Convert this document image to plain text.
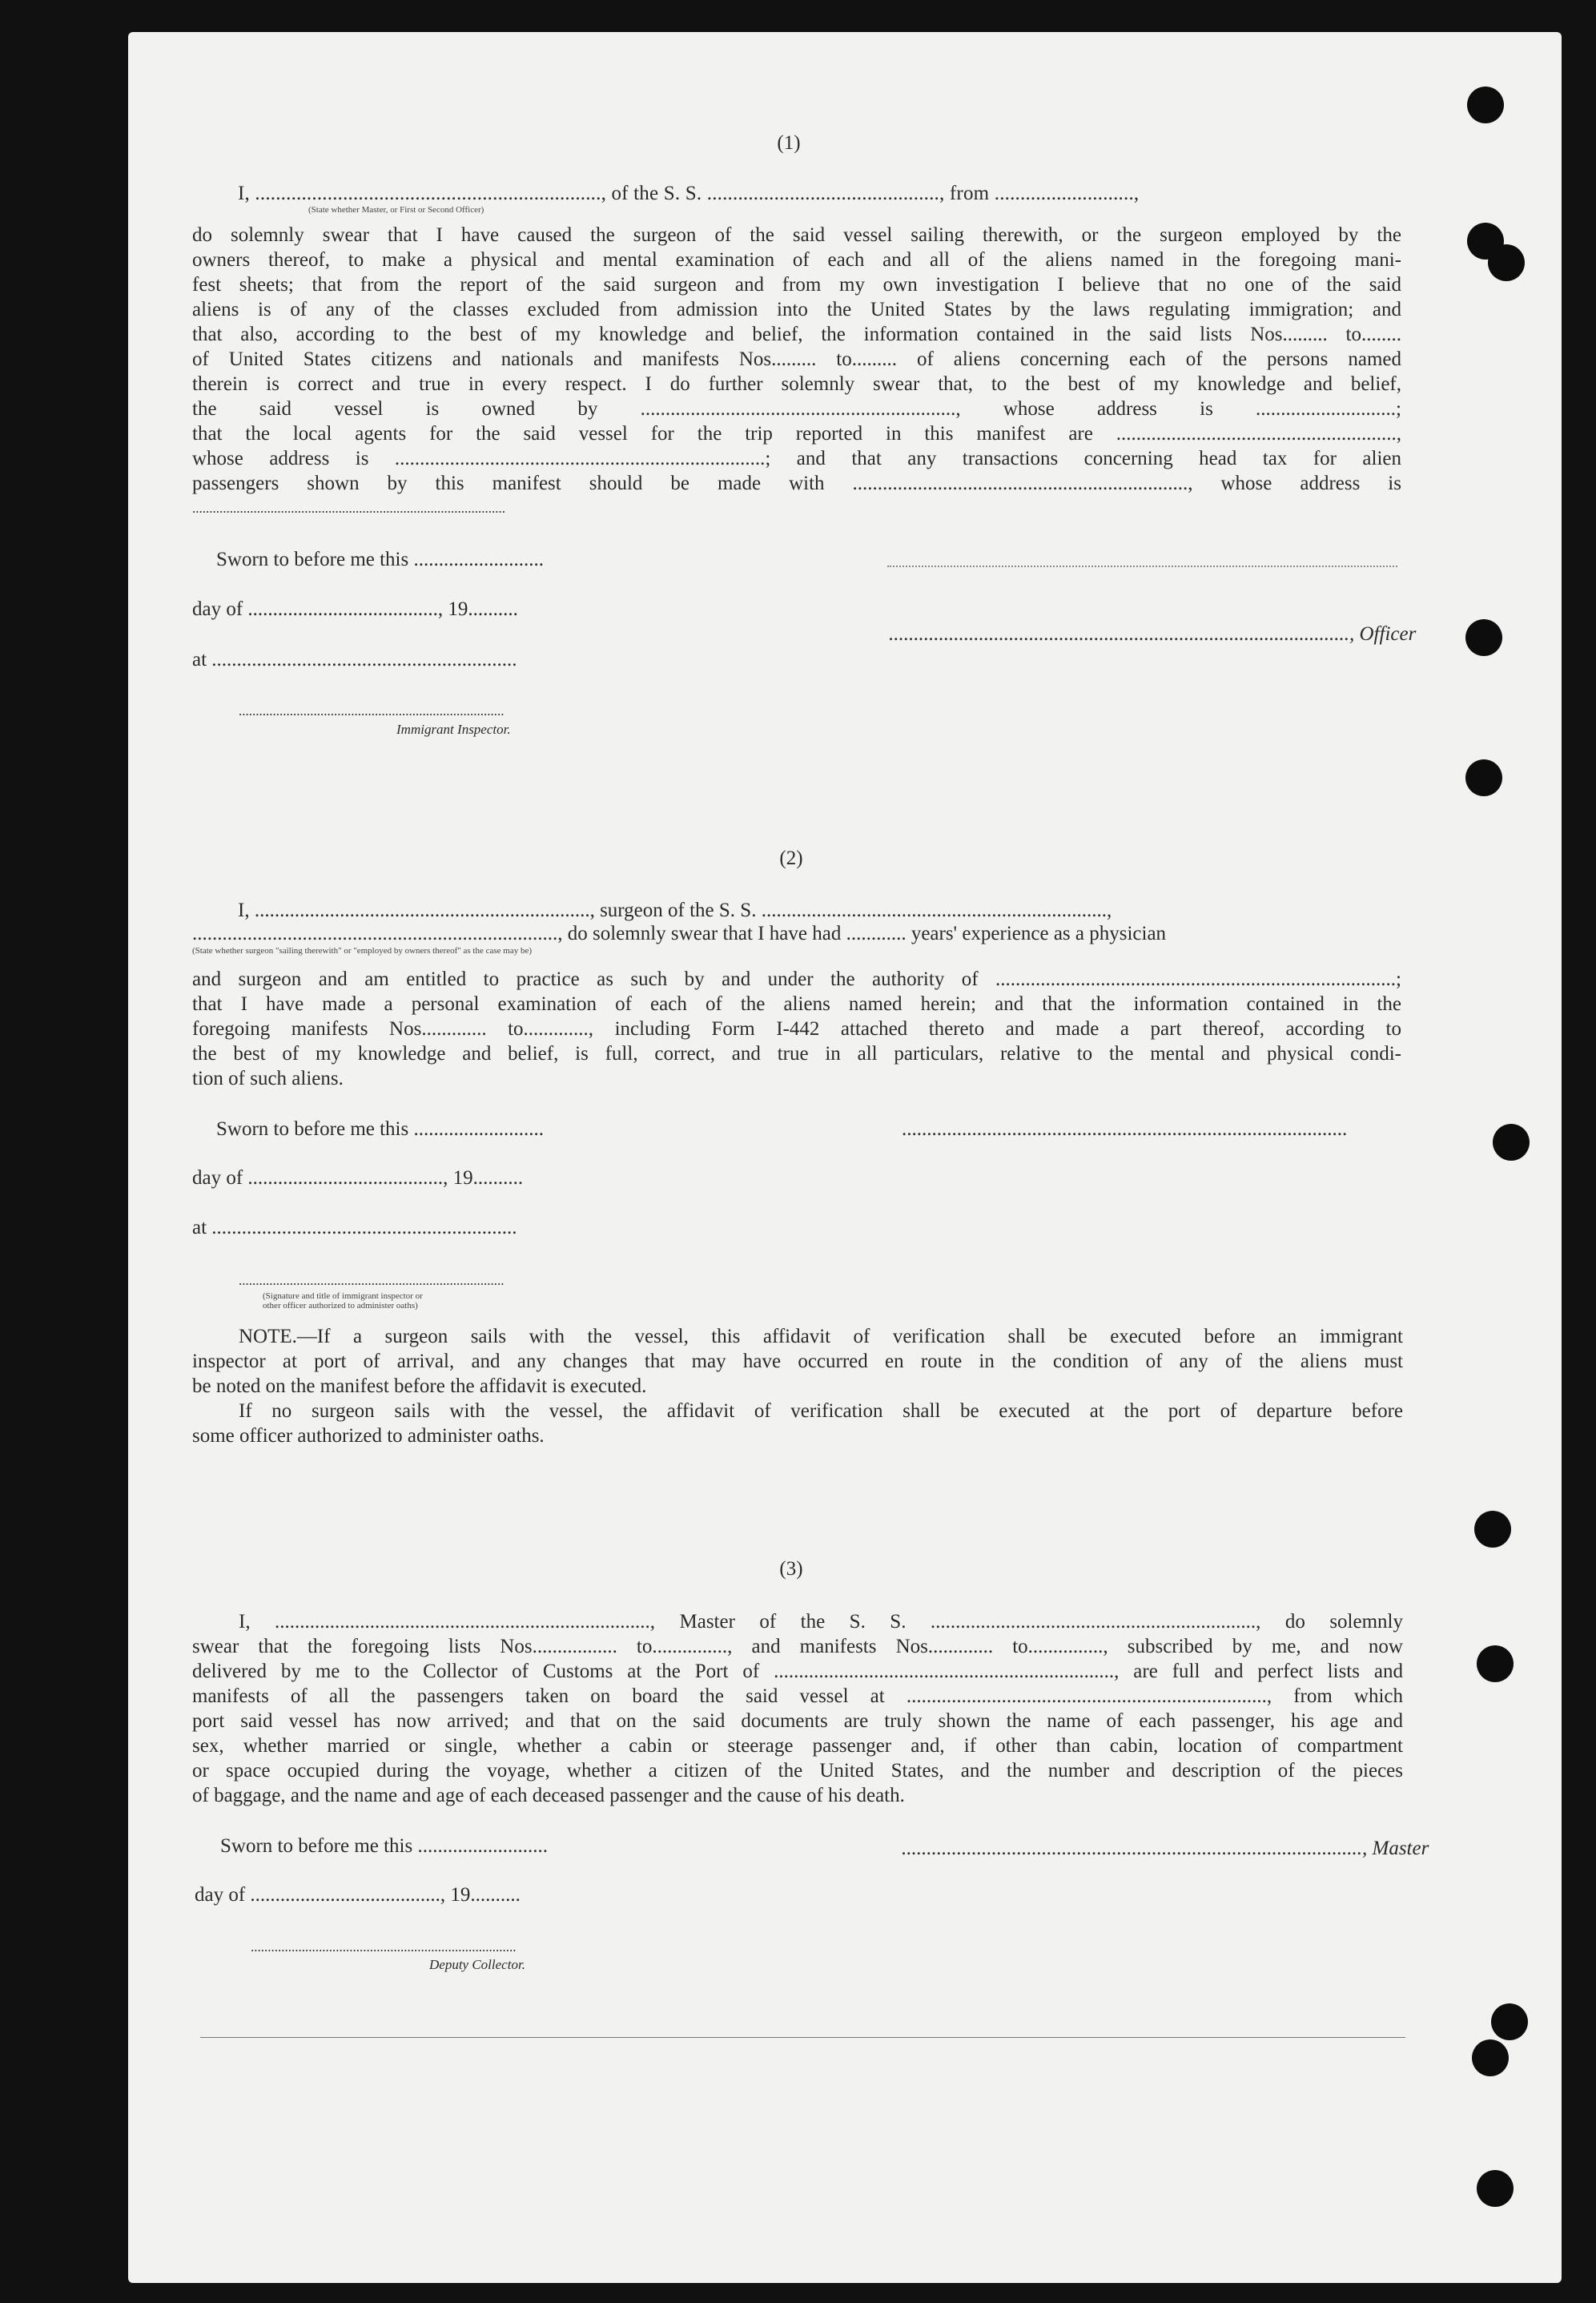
(1)
I, ..................................................................., of the S. S. ............................................., from ...........................,
(State whether Master, or First or Second Officer)
do solemnly swear that I have caused the surgeon of the said vessel sailing therewith, or the surgeon employed by the
owners thereof, to make a physical and mental examination of each and all of the aliens named in the foregoing mani-
fest sheets; that from the report of the said surgeon and from my own investigation I believe that no one of the said
aliens is of any of the classes excluded from admission into the United States by the laws regulating immigration; and
that also, according to the best of my knowledge and belief, the information contained in the said lists Nos......... to........
of United States citizens and nationals and manifests Nos......... to......... of aliens concerning each of the persons named
therein is correct and true in every respect. I do further solemnly swear that, to the best of my knowledge and belief,
the said vessel is owned by ..............................................................., whose address is ............................;
that the local agents for the said vessel for the trip reported in this manifest are ........................................................,
whose address is ..........................................................................; and that any transactions concerning head tax for alien
passengers shown by this manifest should be made with ..................................................................., whose address is
............................................................................................
Sworn to before me this ..........................
day of ......................................, 19..........
............................................................................................, Officer
at .............................................................
..............................................................................
Immigrant Inspector.
(2)
I, ..................................................................., surgeon of the S. S. .....................................................................,
........................................................................., do solemnly swear that I have had ............ years' experience as a physician
(State whether surgeon "sailing therewith" or "employed by owners thereof" as the case may be)
and surgeon and am entitled to practice as such by and under the authority of ................................................................................;
that I have made a personal examination of each of the aliens named herein; and that the information contained in the
foregoing manifests Nos............. to............., including Form I-442 attached thereto and made a part thereof, according to
the best of my knowledge and belief, is full, correct, and true in all particulars, relative to the mental and physical condi-
tion of such aliens.
Sworn to before me this ..........................	.........................................................................................
day of ......................................., 19..........
at .............................................................
..............................................................................
(Signature and title of immigrant inspector or
other officer authorized to administer oaths)
NOTE.—If a surgeon sails with the vessel, this affidavit of verification shall be executed before an immigrant
inspector at port of arrival, and any changes that may have occurred en route in the condition of any of the aliens must
be noted on the manifest before the affidavit is executed.
If no surgeon sails with the vessel, the affidavit of verification shall be executed at the port of departure before
some officer authorized to administer oaths.
(3)
I, ..........................................................................., Master of the S. S. ................................................................., do solemnly
swear that the foregoing lists Nos................. to..............., and manifests Nos............. to..............., subscribed by me, and now
delivered by me to the Collector of Customs at the Port of ...................................................................., are full and perfect lists and
manifests of all the passengers taken on board the said vessel at ........................................................................, from which
port said vessel has now arrived; and that on the said documents are truly shown the name of each passenger, his age and
sex, whether married or single, whether a cabin or steerage passenger and, if other than cabin, location of compartment
or space occupied during the voyage, whether a citizen of the United States, and the number and description of the pieces
of baggage, and the name and age of each deceased passenger and the cause of his death.
Sworn to before me this ..........................	............................................................................................, Master
day of ......................................, 19..........
..............................................................................
Deputy Collector.
